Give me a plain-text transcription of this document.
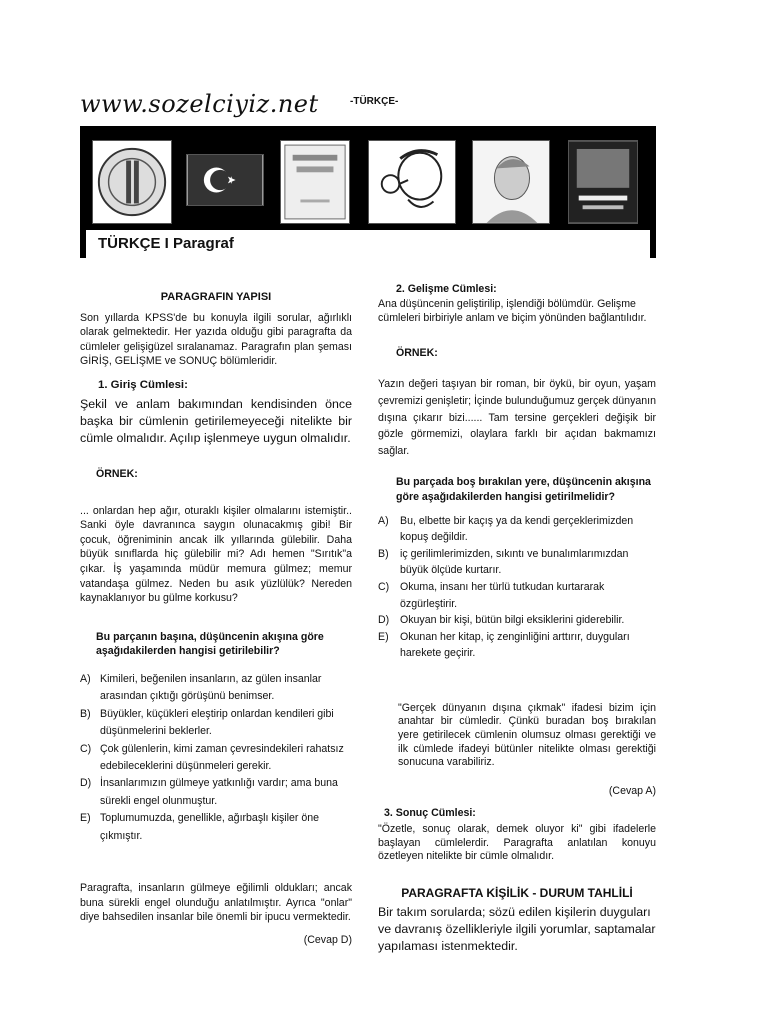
www.sozelciyiz.net	-TÜRKÇE-
TÜRKÇE I Paragraf

PARAGRAFIN YAPISI

Son yıllarda KPSS'de bu konuyla ilgili sorular, ağırlıklı olarak gelmektedir. Her yazıda olduğu gibi paragrafta da cümleler gelişigüzel sıralanamaz. Paragrafın plan şeması GİRİŞ, GELİŞME ve SONUÇ bölümleridir.

1. Giriş Cümlesi:

Şekil ve anlam bakımından kendisinden önce başka bir cümlenin getirilemeyeceği nitelikte bir cümle olmalıdır. Açılıp işlenmeye uygun olmalıdır.

ÖRNEK:

... onlardan hep ağır, oturaklı kişiler olmalarını istemiştir.. Sanki öyle davranınca saygın olunacakmış gibi! Bir çocuk, öğreniminin ancak ilk yıllarında gülebilir. Daha büyük sınıflarda hiç gülebilir mi? Adı hemen "Sırıtık"a çıkar. İş yaşamında müdür memura gülmez; memur vatandaşa gülmez. Neden bu asık yüzlülük? Nereden kaynaklanıyor bu gülme korkusu?

Bu parçanın başına, düşüncenin akışına göre aşağıdakilerden hangisi getirilebilir?

A) Kimileri, beğenilen insanların, az gülen insanlar arasından çıktığı görüşünü benimser.
B) Büyükler, küçükleri eleştirip onlardan kendileri gibi düşünmelerini beklerler.
C) Çok gülenlerin, kimi zaman çevresindekileri rahatsız edebileceklerini düşünmeleri gerekir.
D) İnsanlarımızın gülmeye yatkınlığı vardır; ama buna sürekli engel olunmuştur.
E) Toplumumuzda, genellikle, ağırbaşlı kişiler öne çıkmıştır.

Paragrafta, insanların gülmeye eğilimli oldukları; ancak buna sürekli engel olunduğu anlatılmıştır. Ayrıca "onlar" diye bahsedilen insanlar bile önemli bir ipucu vermektedir.

(Cevap D)

2. Gelişme Cümlesi:

Ana düşüncenin geliştirilip, işlendiği bölümdür. Gelişme cümleleri birbiriyle anlam ve biçim yönünden bağlantılıdır.

ÖRNEK:

Yazın değeri taşıyan bir roman, bir öykü, bir oyun, yaşam çevremizi genişletir; İçinde bulunduğumuz gerçek dünyanın dışına çıkarır bizi...... Tam tersine gerçekleri değişik bir gözle görmemizi, olaylara farklı bir açıdan bakmamızı sağlar.

Bu parçada boş bırakılan yere, düşüncenin akışına göre aşağıdakilerden hangisi getirilmelidir?

A) Bu, elbette bir kaçış ya da kendi gerçeklerimizden kopuş değildir.
B) iç gerilimlerimizden, sıkıntı ve bunalımlarımızdan büyük ölçüde kurtarır.
C) Okuma, insanı her türlü tutkudan kurtararak özgürleştirir.
D) Okuyan bir kişi, bütün bilgi eksiklerini giderebilir.
E) Okunan her kitap, iç zenginliğini arttırır, duyguları harekete geçirir.

"Gerçek dünyanın dışına çıkmak" ifadesi bizim için anahtar bir cümledir. Çünkü buradan boş bırakılan yere getirilecek cümlenin olumsuz olması gerektiği ve ilk cümlede ifadeyi bütünler nitelikte olması gerektiği sonucuna varabiliriz.

(Cevap A)

3. Sonuç Cümlesi:

"Özetle, sonuç olarak, demek oluyor ki" gibi ifadelerle başlayan cümlelerdir. Paragrafta anlatılan konuyu özetleyen nitelikte bir cümle olmalıdır.

PARAGRAFTA KİŞİLİK - DURUM TAHLİLİ

Bir takım sorularda; sözü edilen kişilerin duyguları ve davranış özellikleriyle ilgili yorumlar, saptamalar yapılaması istenmektedir.
